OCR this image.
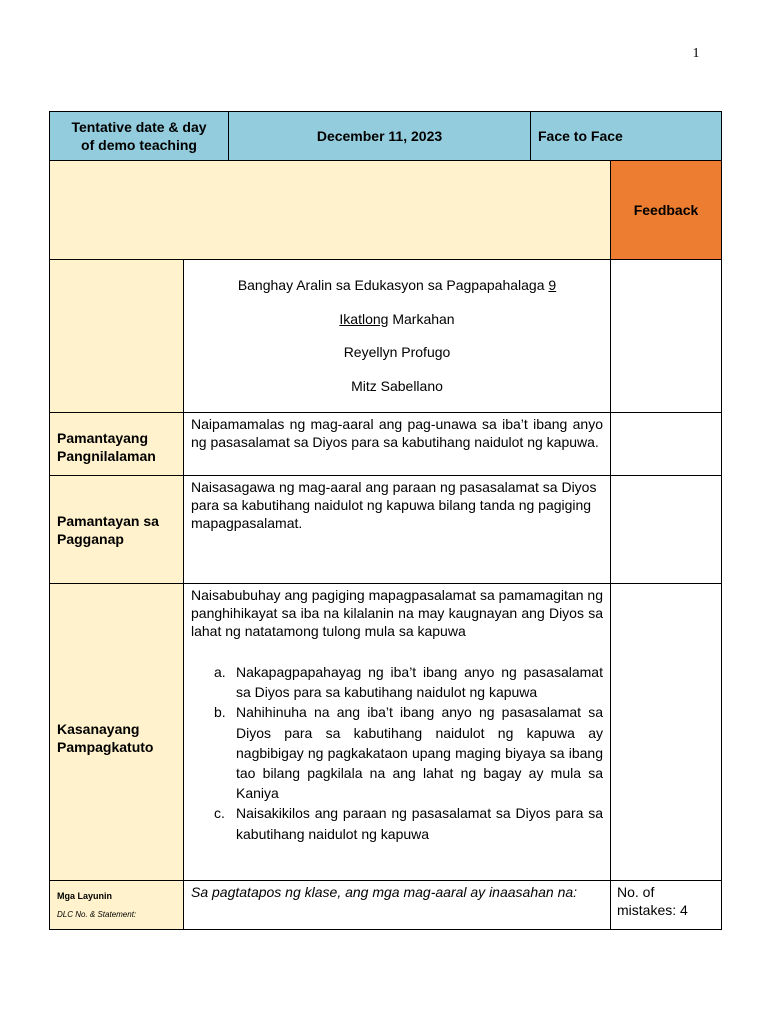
1
Tentative date & day
of demo teaching
December 11, 2023	Face to Face
Feedback
Banghay Aralin sa Edukasyon sa Pagpapahalaga 9
Ikatlong Markahan
Reyellyn Profugo
Mitz Sabellano
Pamantayang
Pangnilalaman
Naipamamalas ng mag-aaral ang pag-unawa sa iba’t ibang anyo ng pasasalamat sa Diyos para sa kabutihang naidulot ng kapuwa.
Pamantayan sa
Pagganap
Naisasagawa ng mag-aaral ang paraan ng pasasalamat sa Diyos
para sa kabutihang naidulot ng kapuwa bilang tanda ng pagiging
mapagpasalamat.
Kasanayang
Pampagkatuto
Naisabubuhay ang pagiging mapagpasalamat sa pamamagitan ng panghihikayat sa iba na kilalanin na may kaugnayan ang Diyos sa lahat ng natatamong tulong mula sa kapuwa
a. Nakapagpapahayag ng iba’t ibang anyo ng pasasalamat sa Diyos para sa kabutihang naidulot ng kapuwa
b. Nahihinuha na ang iba’t ibang anyo ng pasasalamat sa Diyos para sa kabutihang naidulot ng kapuwa ay nagbibigay ng pagkakataon upang maging biyaya sa ibang tao bilang pagkilala na ang lahat ng bagay ay mula sa Kaniya
c. Naisakikilos ang paraan ng pasasalamat sa Diyos para sa kabutihang naidulot ng kapuwa
Mga Layunin
DLC No. & Statement:
Sa pagtatapos ng klase, ang mga mag-aaral ay inaasahan na:	No. of mistakes: 4
